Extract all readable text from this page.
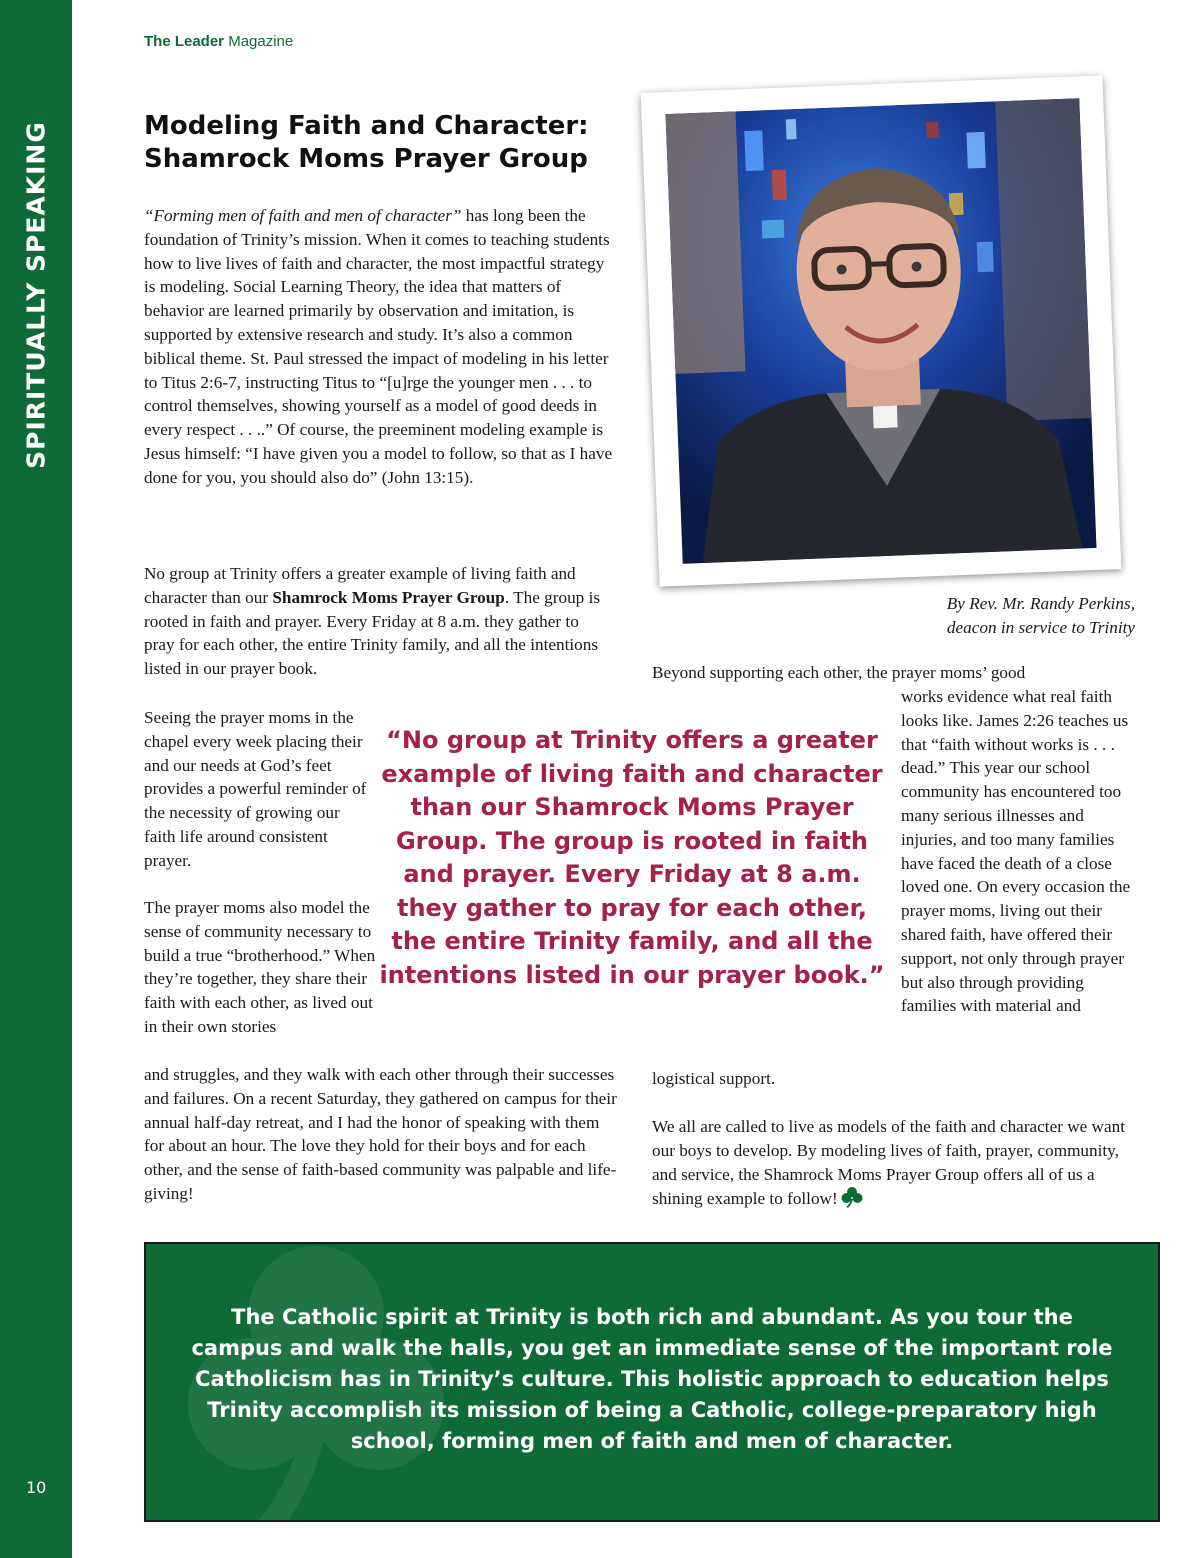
SPIRITUALLY SPEAKING
10
The Leader Magazine
Modeling Faith and Character: Shamrock Moms Prayer Group

“Forming men of faith and men of character” has long been the foundation of Trinity’s mission. When it comes to teaching students how to live lives of faith and character, the most impactful strategy is modeling. Social Learning Theory, the idea that matters of behavior are learned primarily by observation and imitation, is supported by extensive research and study. It’s also a common biblical theme. St. Paul stressed the impact of modeling in his letter to Titus 2:6-7, instructing Titus to “[u]rge the younger men . . . to control themselves, showing yourself as a model of good deeds in every respect . . ..” Of course, the preeminent modeling example is Jesus himself: “I have given you a model to follow, so that as I have done for you, you should also do” (John 13:15).

No group at Trinity offers a greater example of living faith and character than our Shamrock Moms Prayer Group. The group is rooted in faith and prayer. Every Friday at 8 a.m. they gather to pray for each other, the entire Trinity family, and all the intentions listed in our prayer book.

Seeing the prayer moms in the chapel every week placing their and our needs at God’s feet provides a powerful reminder of the necessity of growing our faith life around consistent prayer.

The prayer moms also model the sense of community necessary to build a true “brotherhood.” When they’re together, they share their faith with each other, as lived out in their own stories

and struggles, and they walk with each other through their successes and failures. On a recent Saturday, they gathered on campus for their annual half-day retreat, and I had the honor of speaking with them for about an hour. The love they hold for their boys and for each other, and the sense of faith-based community was palpable and life-giving!

By Rev. Mr. Randy Perkins,
deacon in service to Trinity

Beyond supporting each other, the prayer moms’ good

works evidence what real faith looks like. James 2:26 teaches us that “faith without works is . . . dead.” This year our school community has encountered too many serious illnesses and injuries, and too many families have faced the death of a close loved one. On every occasion the prayer moms, living out their shared faith, have offered their support, not only through prayer but also through providing families with material and

logistical support.

We all are called to live as models of the faith and character we want our boys to develop. By modeling lives of faith, prayer, community, and service, the Shamrock Moms Prayer Group offers all of us a shining example to follow!

“No group at Trinity offers a greater example of living faith and character than our Shamrock Moms Prayer Group. The group is rooted in faith and prayer. Every Friday at 8 a.m. they gather to pray for each other, the entire Trinity family, and all the intentions listed in our prayer book.”
The Catholic spirit at Trinity is both rich and abundant. As you tour the campus and walk the halls, you get an immediate sense of the important role Catholicism has in Trinity’s culture. This holistic approach to education helps Trinity accomplish its mission of being a Catholic, college-preparatory high school, forming men of faith and men of character.
